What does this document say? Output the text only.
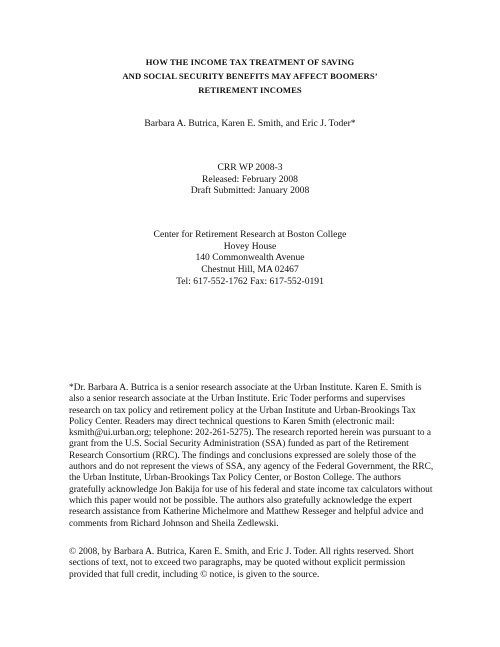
HOW THE INCOME TAX TREATMENT OF SAVING
AND SOCIAL SECURITY BENEFITS MAY AFFECT BOOMERS’
RETIREMENT INCOMES
Barbara A. Butrica, Karen E. Smith, and Eric J. Toder*
CRR WP 2008-3
Released: February 2008
Draft Submitted: January 2008
Center for Retirement Research at Boston College
Hovey House
140 Commonwealth Avenue
Chestnut Hill, MA 02467
Tel: 617-552-1762 Fax: 617-552-0191
*Dr. Barbara A. Butrica is a senior research associate at the Urban Institute. Karen E. Smith is
also a senior research associate at the Urban Institute. Eric Toder performs and supervises
research on tax policy and retirement policy at the Urban Institute and Urban-Brookings Tax
Policy Center. Readers may direct technical questions to Karen Smith (electronic mail:
ksmith@ui.urban.org; telephone: 202-261-5275). The research reported herein was pursuant to a
grant from the U.S. Social Security Administration (SSA) funded as part of the Retirement
Research Consortium (RRC). The findings and conclusions expressed are solely those of the
authors and do not represent the views of SSA, any agency of the Federal Government, the RRC,
the Urban Institute, Urban-Brookings Tax Policy Center, or Boston College. The authors
gratefully acknowledge Jon Bakija for use of his federal and state income tax calculators without
which this paper would not be possible. The authors also gratefully acknowledge the expert
research assistance from Katherine Michelmore and Matthew Resseger and helpful advice and
comments from Richard Johnson and Sheila Zedlewski.
© 2008, by Barbara A. Butrica, Karen E. Smith, and Eric J. Toder. All rights reserved. Short
sections of text, not to exceed two paragraphs, may be quoted without explicit permission
provided that full credit, including © notice, is given to the source.
